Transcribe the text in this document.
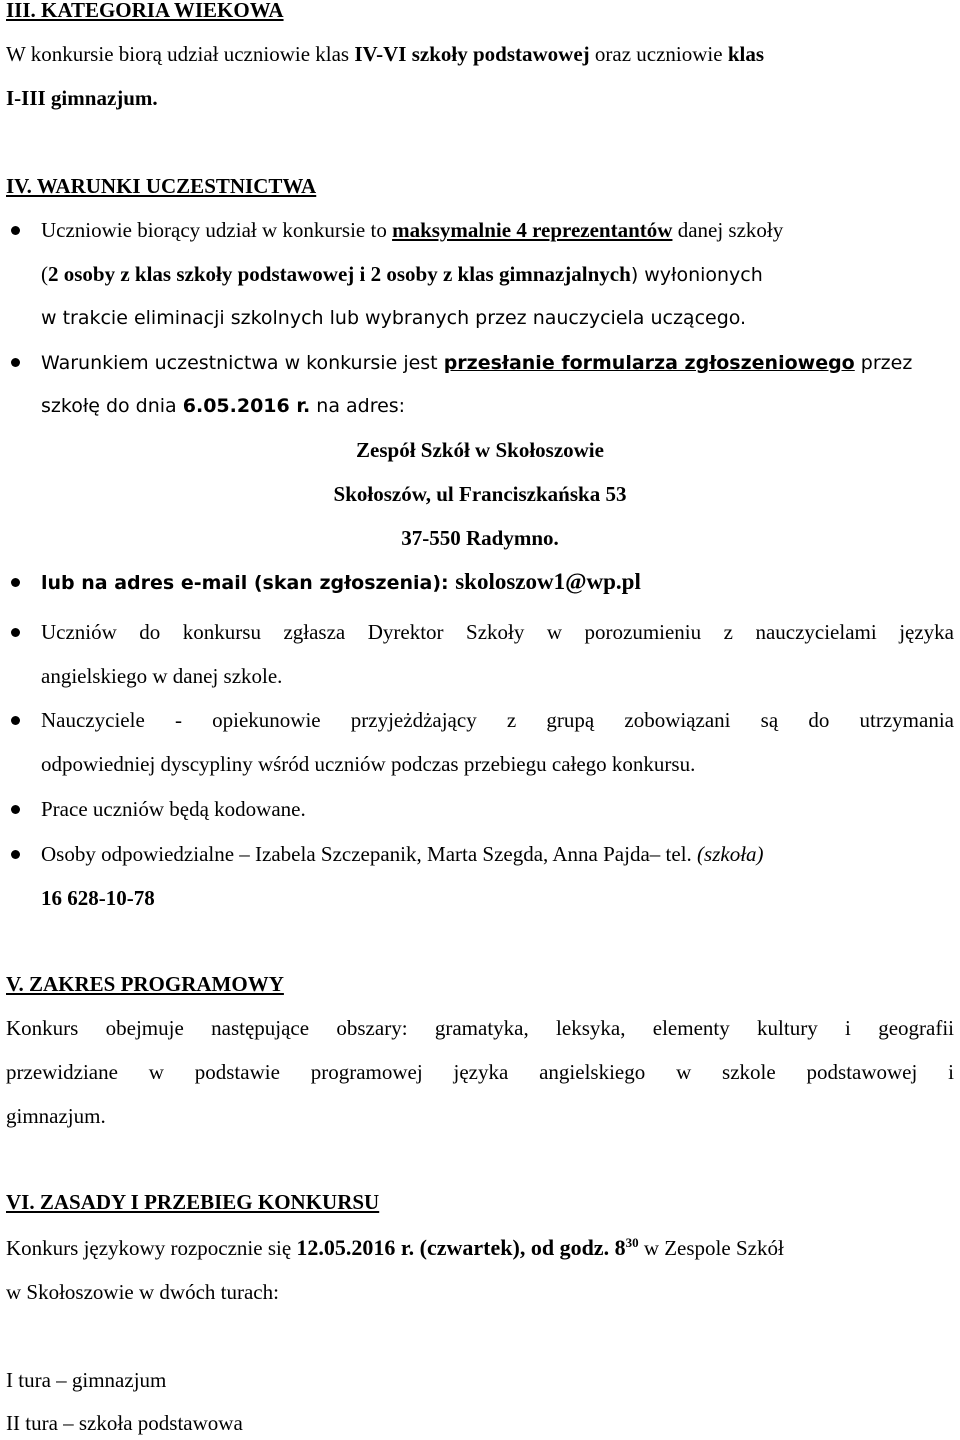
III. KATEGORIA WIEKOWA
W konkursie biorą udział uczniowie klas IV-VI szkoły podstawowej oraz uczniowie klas
I-III gimnazjum.
IV. WARUNKI UCZESTNICTWA
Uczniowie biorący udział w konkursie to maksymalnie 4 reprezentantów danej szkoły
(2 osoby z klas szkoły podstawowej i 2 osoby z klas gimnazjalnych) wyłonionych
w trakcie eliminacji szkolnych lub wybranych przez nauczyciela uczącego.
Warunkiem uczestnictwa w konkursie jest przesłanie formularza zgłoszeniowego przez
szkołę do dnia 6.05.2016 r. na adres:
Zespół Szkół w Skołoszowie
Skołoszów, ul Franciszkańska 53
37-550 Radymno.
lub na adres e-mail (skan zgłoszenia): skoloszow1@wp.pl
Uczniów do konkursu zgłasza Dyrektor Szkoły w porozumieniu z nauczycielami języka
angielskiego w danej szkole.
Nauczyciele - opiekunowie przyjeżdżający z grupą zobowiązani są do utrzymania
odpowiedniej dyscypliny wśród uczniów podczas przebiegu całego konkursu.
Prace uczniów będą kodowane.
Osoby odpowiedzialne – Izabela Szczepanik, Marta Szegda, Anna Pajda– tel. (szkoła)
16 628-10-78
V. ZAKRES PROGRAMOWY
Konkurs obejmuje następujące obszary: gramatyka, leksyka, elementy kultury i geografii
przewidziane w podstawie programowej języka angielskiego w szkole podstawowej i
gimnazjum.
VI. ZASADY I PRZEBIEG KONKURSU
Konkurs językowy rozpocznie się 12.05.2016 r. (czwartek), od godz. $8^{30}$ w Zespole Szkół
w Skołoszowie w dwóch turach:
I tura – gimnazjum
II tura – szkoła podstawowa
